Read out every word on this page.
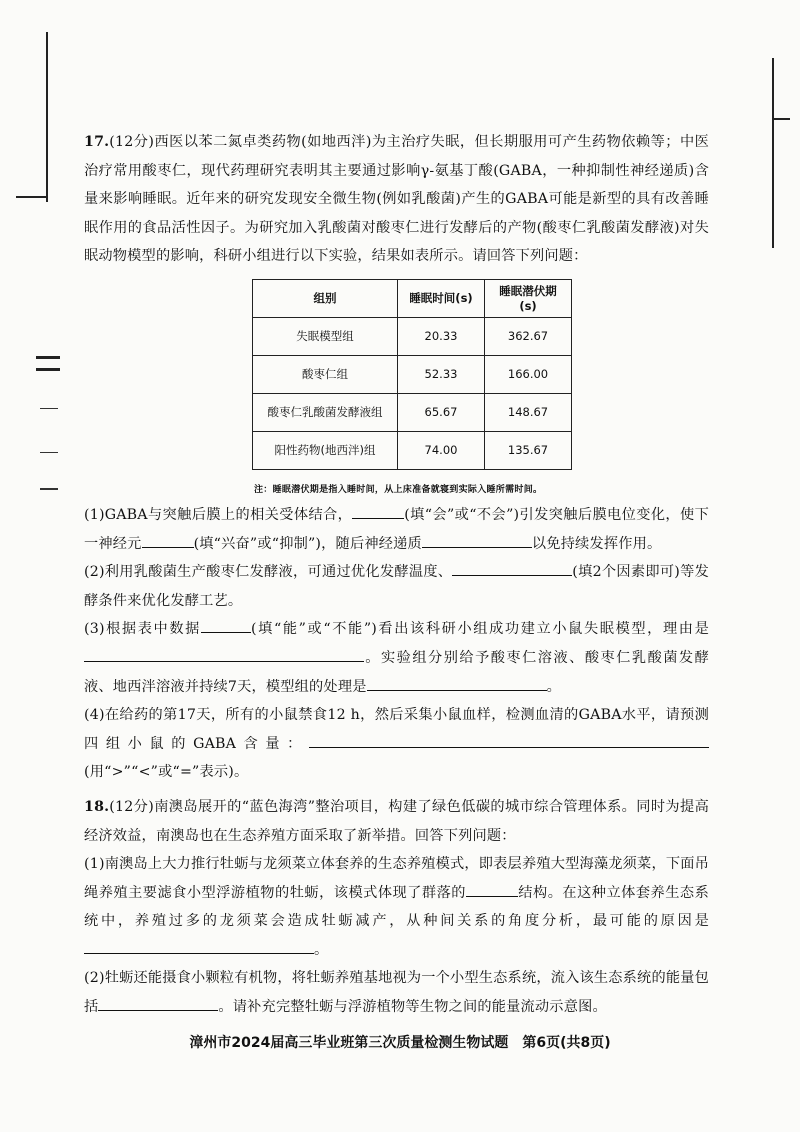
17.(12分)西医以苯二氮卓类药物(如地西泮)为主治疗失眠，但长期服用可产生药物依赖等；中医治疗常用酸枣仁，现代药理研究表明其主要通过影响γ-氨基丁酸(GABA，一种抑制性神经递质)含量来影响睡眠。近年来的研究发现安全微生物(例如乳酸菌)产生的GABA可能是新型的具有改善睡眠作用的食品活性因子。为研究加入乳酸菌对酸枣仁进行发酵后的产物(酸枣仁乳酸菌发酵液)对失眠动物模型的影响，科研小组进行以下实验，结果如表所示。请回答下列问题：

组别	睡眠时间(s)	睡眠潜伏期(s)
失眠模型组	20.33	362.67
酸枣仁组	52.33	166.00
酸枣仁乳酸菌发酵液组	65.67	148.67
阳性药物(地西泮)组	74.00	135.67
注：睡眠潜伏期是指入睡时间，从上床准备就寝到实际入睡所需时间。

(1)GABA与突触后膜上的相关受体结合，	(填“会”或“不会”)引发突触后膜电位变化，使下一神经元	(填“兴奋”或“抑制”)，随后神经递质	以免持续发挥作用。

(2)利用乳酸菌生产酸枣仁发酵液，可通过优化发酵温度、	(填2个因素即可)等发酵条件来优化发酵工艺。

(3)根据表中数据	(填“能”或“不能”)看出该科研小组成功建立小鼠失眠模型，理由是。实验组分别给予酸枣仁溶液、酸枣仁乳酸菌发酵液、地西泮溶液并持续7天，模型组的处理是	。

(4)在给药的第17天，所有的小鼠禁食12 h，然后采集小鼠血样，检测血清的GABA水平，请预测四组小鼠的GABA含量：(用“>”“<”或“=”表示)。

18.(12分)南澳岛展开的“蓝色海湾”整治项目，构建了绿色低碳的城市综合管理体系。同时为提高经济效益，南澳岛也在生态养殖方面采取了新举措。回答下列问题：

(1)南澳岛上大力推行牡蛎与龙须菜立体套养的生态养殖模式，即表层养殖大型海藻龙须菜，下面吊绳养殖主要滤食小型浮游植物的牡蛎，该模式体现了群落的	结构。在这种立体套养生态系统中，养殖过多的龙须菜会造成牡蛎减产，从种间关系的角度分析，最可能的原因是。

(2)牡蛎还能摄食小颗粒有机物，将牡蛎养殖基地视为一个小型生态系统，流入该生态系统的能量包括	。请补充完整牡蛎与浮游植物等生物之间的能量流动示意图。

漳州市2024届高三毕业班第三次质量检测生物试题　第6页(共8页)
